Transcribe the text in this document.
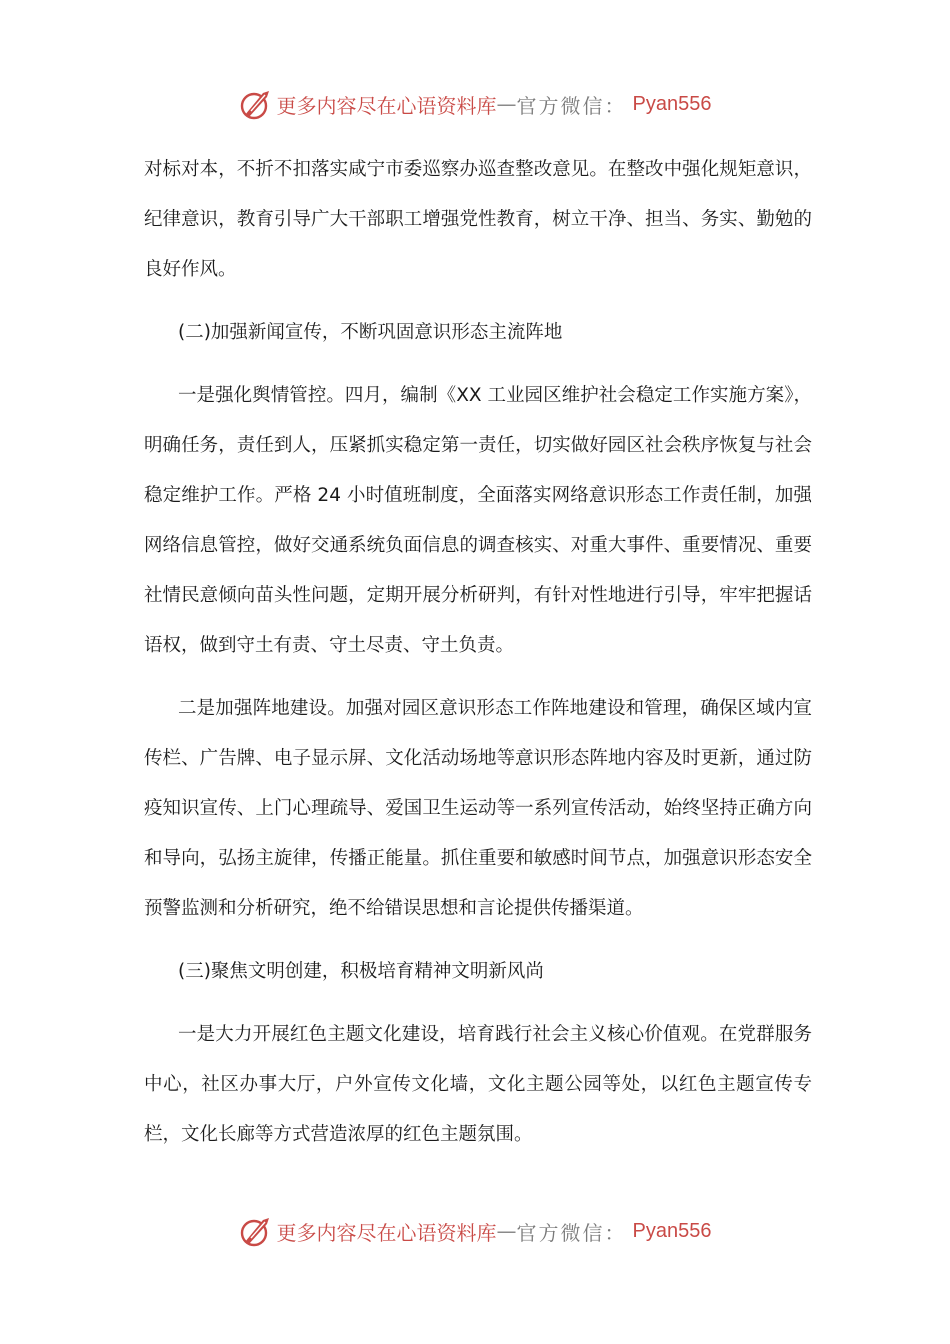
更多内容尽在心语资料库 — 官方微信： Pyan556

对标对本，不折不扣落实咸宁市委巡察办巡查整改意见。在整改中强化规矩意识，纪律意识，教育引导广大干部职工增强党性教育，树立干净、担当、务实、勤勉的良好作风。

(二)加强新闻宣传，不断巩固意识形态主流阵地

一是强化舆情管控。四月，编制《XX 工业园区维护社会稳定工作实施方案》，明确任务，责任到人，压紧抓实稳定第一责任，切实做好园区社会秩序恢复与社会稳定维护工作。严格 24 小时值班制度，全面落实网络意识形态工作责任制，加强网络信息管控，做好交通系统负面信息的调查核实、对重大事件、重要情况、重要社情民意倾向苗头性问题，定期开展分析研判，有针对性地进行引导，牢牢把握话语权，做到守土有责、守土尽责、守土负责。

二是加强阵地建设。加强对园区意识形态工作阵地建设和管理，确保区域内宣传栏、广告牌、电子显示屏、文化活动场地等意识形态阵地内容及时更新，通过防疫知识宣传、上门心理疏导、爱国卫生运动等一系列宣传活动，始终坚持正确方向和导向，弘扬主旋律，传播正能量。抓住重要和敏感时间节点，加强意识形态安全预警监测和分析研究，绝不给错误思想和言论提供传播渠道。

(三)聚焦文明创建，积极培育精神文明新风尚

一是大力开展红色主题文化建设，培育践行社会主义核心价值观。在党群服务中心，社区办事大厅，户外宣传文化墙，文化主题公园等处，以红色主题宣传专栏，文化长廊等方式营造浓厚的红色主题氛围。

更多内容尽在心语资料库 — 官方微信： Pyan556
